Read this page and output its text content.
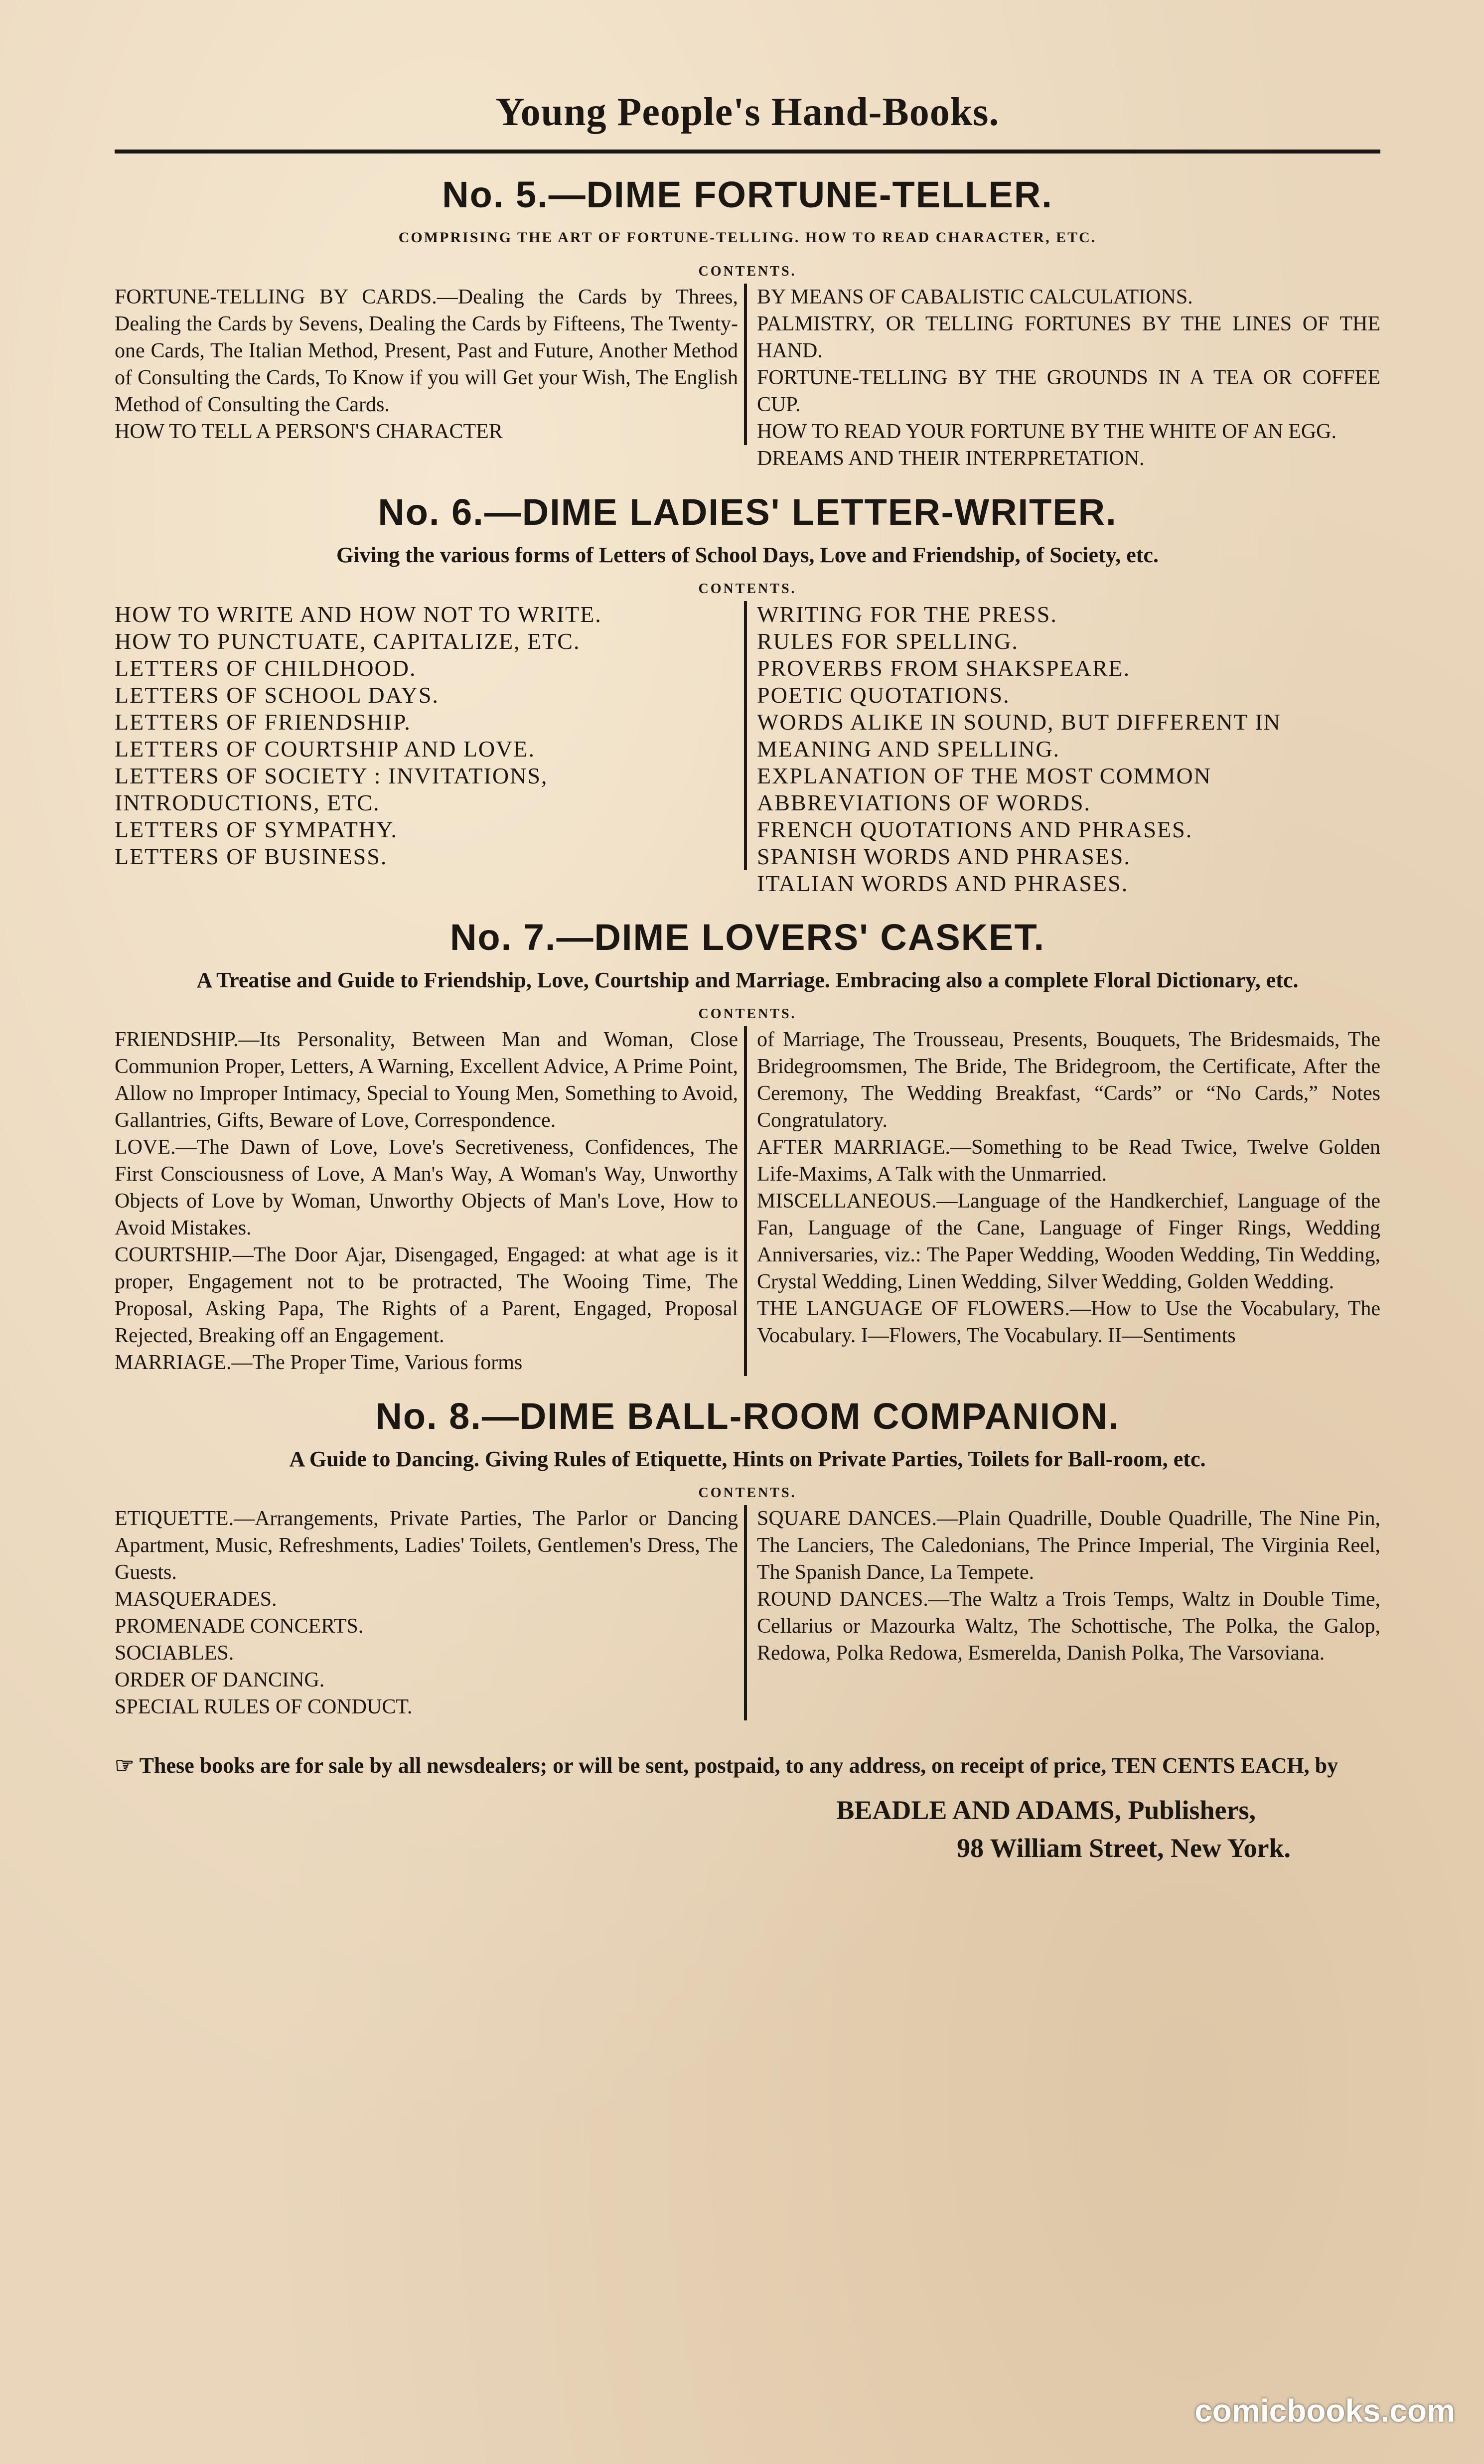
Young People's Hand-Books.
No. 5.—DIME FORTUNE-TELLER.
COMPRISING THE ART OF FORTUNE-TELLING. HOW TO READ CHARACTER, ETC.
CONTENTS.
FORTUNE-TELLING BY CARDS.—Dealing the Cards by Threes, Dealing the Cards by Sevens, Dealing the Cards by Fifteens, The Twenty-one Cards, The Italian Method, Present, Past and Future, Another Method of Consulting the Cards, To Know if you will Get your Wish, The English Method of Consulting the Cards.
HOW TO TELL A PERSON'S CHARACTER
BY MEANS OF CABALISTIC CALCULATIONS.
PALMISTRY, OR TELLING FORTUNES BY THE LINES OF THE HAND.
FORTUNE-TELLING BY THE GROUNDS IN A TEA OR COFFEE CUP.
HOW TO READ YOUR FORTUNE BY THE WHITE OF AN EGG.
DREAMS AND THEIR INTERPRETATION.
No. 6.—DIME LADIES' LETTER-WRITER.
Giving the various forms of Letters of School Days, Love and Friendship, of Society, etc.
CONTENTS.
HOW TO WRITE AND HOW NOT TO WRITE.
HOW TO PUNCTUATE, CAPITALIZE, ETC.
LETTERS OF CHILDHOOD.
LETTERS OF SCHOOL DAYS.
LETTERS OF FRIENDSHIP.
LETTERS OF COURTSHIP AND LOVE.
LETTERS OF SOCIETY : INVITATIONS, INTRODUCTIONS, ETC.
LETTERS OF SYMPATHY.
LETTERS OF BUSINESS.
WRITING FOR THE PRESS.
RULES FOR SPELLING.
PROVERBS FROM SHAKSPEARE.
POETIC QUOTATIONS.
WORDS ALIKE IN SOUND, BUT DIFFERENT IN MEANING AND SPELLING.
EXPLANATION OF THE MOST COMMON ABBREVIATIONS OF WORDS.
FRENCH QUOTATIONS AND PHRASES.
SPANISH WORDS AND PHRASES.
ITALIAN WORDS AND PHRASES.
No. 7.—DIME LOVERS' CASKET.
A Treatise and Guide to Friendship, Love, Courtship and Marriage. Embracing also a complete Floral Dictionary, etc.
CONTENTS.
FRIENDSHIP.—Its Personality, Between Man and Woman, Close Communion Proper, Letters, A Warning, Excellent Advice, A Prime Point, Allow no Improper Intimacy, Special to Young Men, Something to Avoid, Gallantries, Gifts, Beware of Love, Correspondence.
LOVE.—The Dawn of Love, Love's Secretiveness, Confidences, The First Consciousness of Love, A Man's Way, A Woman's Way, Unworthy Objects of Love by Woman, Unworthy Objects of Man's Love, How to Avoid Mistakes.
COURTSHIP.—The Door Ajar, Disengaged, Engaged: at what age is it proper, Engagement not to be protracted, The Wooing Time, The Proposal, Asking Papa, The Rights of a Parent, Engaged, Proposal Rejected, Breaking off an Engagement.
MARRIAGE.—The Proper Time, Various forms
of Marriage, The Trousseau, Presents, Bouquets, The Bridesmaids, The Bridegroomsmen, The Bride, The Bridegroom, the Certificate, After the Ceremony, The Wedding Breakfast, “Cards” or “No Cards,” Notes Congratulatory.
AFTER MARRIAGE.—Something to be Read Twice, Twelve Golden Life-Maxims, A Talk with the Unmarried.
MISCELLANEOUS.—Language of the Handkerchief, Language of the Fan, Language of the Cane, Language of Finger Rings, Wedding Anniversaries, viz.: The Paper Wedding, Wooden Wedding, Tin Wedding, Crystal Wedding, Linen Wedding, Silver Wedding, Golden Wedding.
THE LANGUAGE OF FLOWERS.—How to Use the Vocabulary, The Vocabulary. I—Flowers, The Vocabulary. II—Sentiments
No. 8.—DIME BALL-ROOM COMPANION.
A Guide to Dancing. Giving Rules of Etiquette, Hints on Private Parties, Toilets for Ball-room, etc.
CONTENTS.
ETIQUETTE.—Arrangements, Private Parties, The Parlor or Dancing Apartment, Music, Refreshments, Ladies' Toilets, Gentlemen's Dress, The Guests.
MASQUERADES.
PROMENADE CONCERTS.
SOCIABLES.
ORDER OF DANCING.
SPECIAL RULES OF CONDUCT.
SQUARE DANCES.—Plain Quadrille, Double Quadrille, The Nine Pin, The Lanciers, The Caledonians, The Prince Imperial, The Virginia Reel, The Spanish Dance, La Tempete.
ROUND DANCES.—The Waltz a Trois Temps, Waltz in Double Time, Cellarius or Mazourka Waltz, The Schottische, The Polka, the Galop, Redowa, Polka Redowa, Esmerelda, Danish Polka, The Varsoviana.
☞ These books are for sale by all newsdealers; or will be sent, postpaid, to any address, on receipt of price, TEN CENTS EACH, by
BEADLE AND ADAMS, Publishers,
98 William Street, New York.
comicbooks.com
